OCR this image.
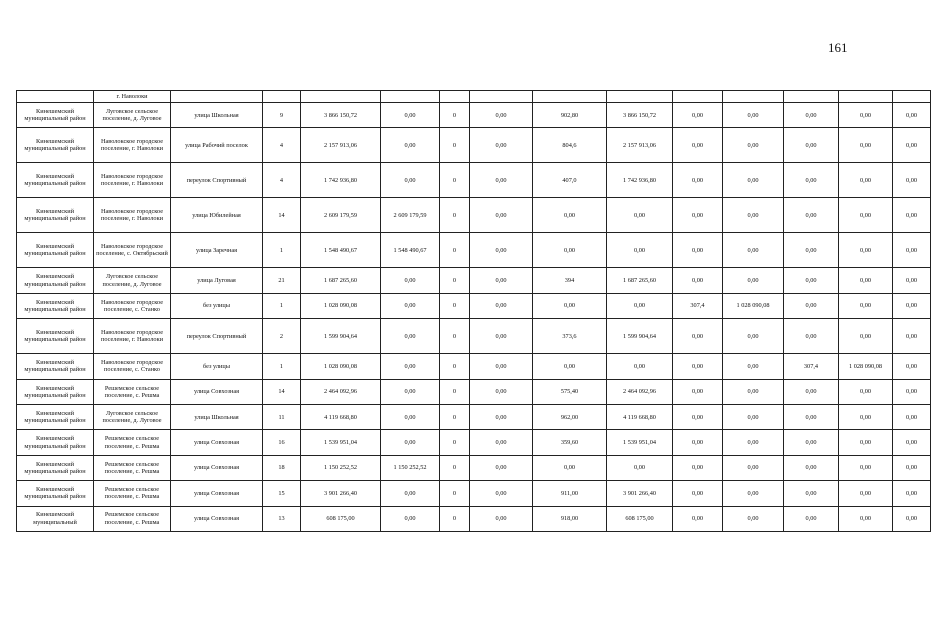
161
	г. Наволоки													
Кинешемский муниципальный район	Луговское сельское поселение, д. Луговое	улица Школьная	9	3 866 150,72	0,00	0	0,00	902,80	3 866 150,72	0,00	0,00	0,00	0,00	0,00
Кинешемский муниципальный район	Наволокское городское поселение, г. Наволоки	улица Рабочий поселок	4	2 157 913,06	0,00	0	0,00	804,6	2 157 913,06	0,00	0,00	0,00	0,00	0,00
Кинешемский муниципальный район	Наволокское городское поселение, г. Наволоки	переулок Спортивный	4	1 742 936,80	0,00	0	0,00	407,0	1 742 936,80	0,00	0,00	0,00	0,00	0,00
Кинешемский муниципальный район	Наволокское городское поселение, г. Наволоки	улица Юбилейная	14	2 609 179,59	2 609 179,59	0	0,00	0,00	0,00	0,00	0,00	0,00	0,00	0,00
Кинешемский муниципальный район	Наволокское городское поселение, с. Октябрьский	улица Заречная	1	1 548 490,67	1 548 490,67	0	0,00	0,00	0,00	0,00	0,00	0,00	0,00	0,00
Кинешемский муниципальный район	Луговское сельское поселение, д. Луговое	улица Луговая	21	1 687 265,60	0,00	0	0,00	394	1 687 265,60	0,00	0,00	0,00	0,00	0,00
Кинешемский муниципальный район	Наволокское городское поселение, с. Станко	без улицы	1	1 028 090,08	0,00	0	0,00	0,00	0,00	307,4	1 028 090,08	0,00	0,00	0,00
Кинешемский муниципальный район	Наволокское городское поселение, г. Наволоки	переулок Спортивный	2	1 599 904,64	0,00	0	0,00	373,6	1 599 904,64	0,00	0,00	0,00	0,00	0,00
Кинешемский муниципальный район	Наволокское городское поселение, с. Станко	без улицы	1	1 028 090,08	0,00	0	0,00	0,00	0,00	0,00	0,00	307,4	1 028 090,08	0,00
Кинешемский муниципальный район	Решемское сельское поселение, с. Решма	улица Совхозная	14	2 464 092,96	0,00	0	0,00	575,40	2 464 092,96	0,00	0,00	0,00	0,00	0,00
Кинешемский муниципальный район	Луговское сельское поселение, д. Луговое	улица Школьная	11	4 119 668,80	0,00	0	0,00	962,00	4 119 668,80	0,00	0,00	0,00	0,00	0,00
Кинешемский муниципальный район	Решемское сельское поселение, с. Решма	улица Совхозная	16	1 539 951,04	0,00	0	0,00	359,60	1 539 951,04	0,00	0,00	0,00	0,00	0,00
Кинешемский муниципальный район	Решемское сельское поселение, с. Решма	улица Совхозная	18	1 150 252,52	1 150 252,52	0	0,00	0,00	0,00	0,00	0,00	0,00	0,00	0,00
Кинешемский муниципальный район	Решемское сельское поселение, с. Решма	улица Совхозная	15	3 901 266,40	0,00	0	0,00	911,00	3 901 266,40	0,00	0,00	0,00	0,00	0,00
Кинешемский муниципальный	Решемское сельское поселение, с. Решма	улица Совхозная	13	608 175,00	0,00	0	0,00	918,00	608 175,00	0,00	0,00	0,00	0,00	0,00
